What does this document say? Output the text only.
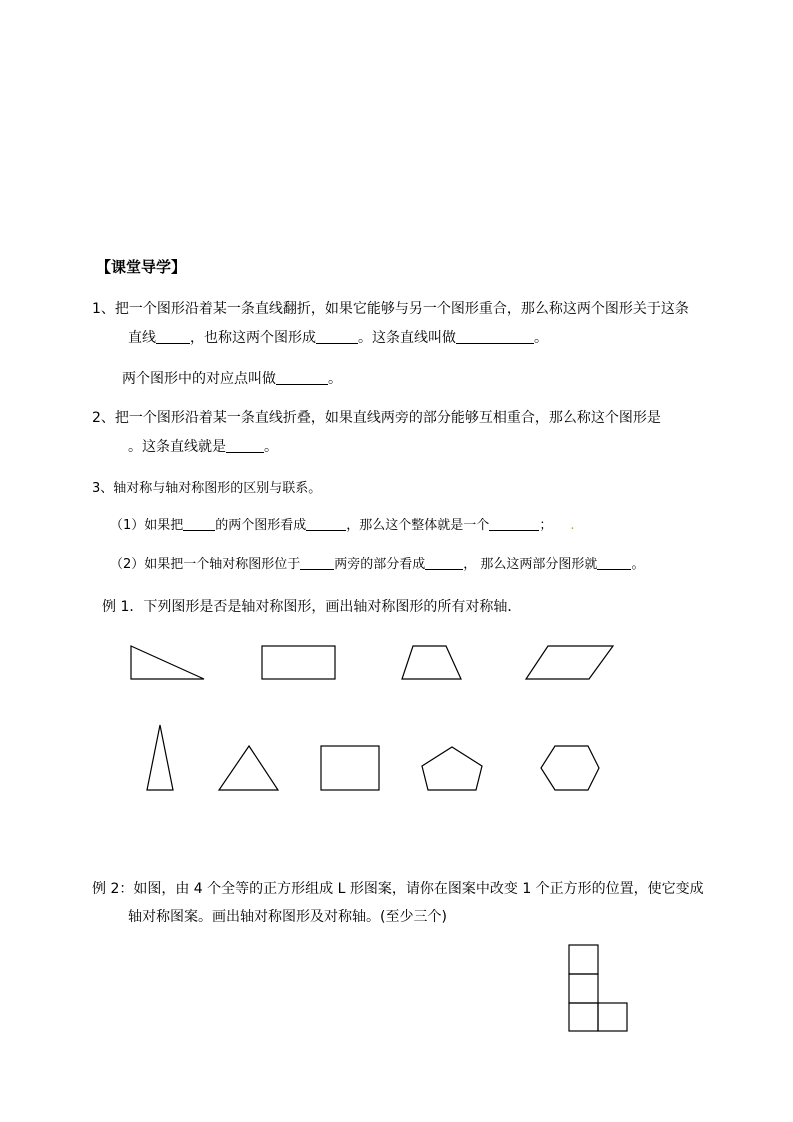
【课堂导学】
1、把一个图形沿着某一条直线翻折，如果它能够与另一个图形重合，那么称这两个图形关于这条
直线 ，也称这两个图形成	。这条直线叫做	。
两个图形中的对应点叫做	。
2、把一个图形沿着某一条直线折叠，如果直线两旁的部分能够互相重合，那么称这个图形是
。这条直线就是	。
3、轴对称与轴对称图形的区别与联系。
（1）如果把 的两个图形看成	，那么这个整体就是一个	； .
（2）如果把一个轴对称图形位于	两旁的部分看成	， 那么这两部分图形就	。
例 1．下列图形是否是轴对称图形，画出轴对称图形的所有对称轴．
例 2：如图，由 4 个全等的正方形组成 L 形图案，请你在图案中改变 1 个正方形的位置，使它变成
轴对称图案。画出轴对称图形及对称轴。(至少三个)
